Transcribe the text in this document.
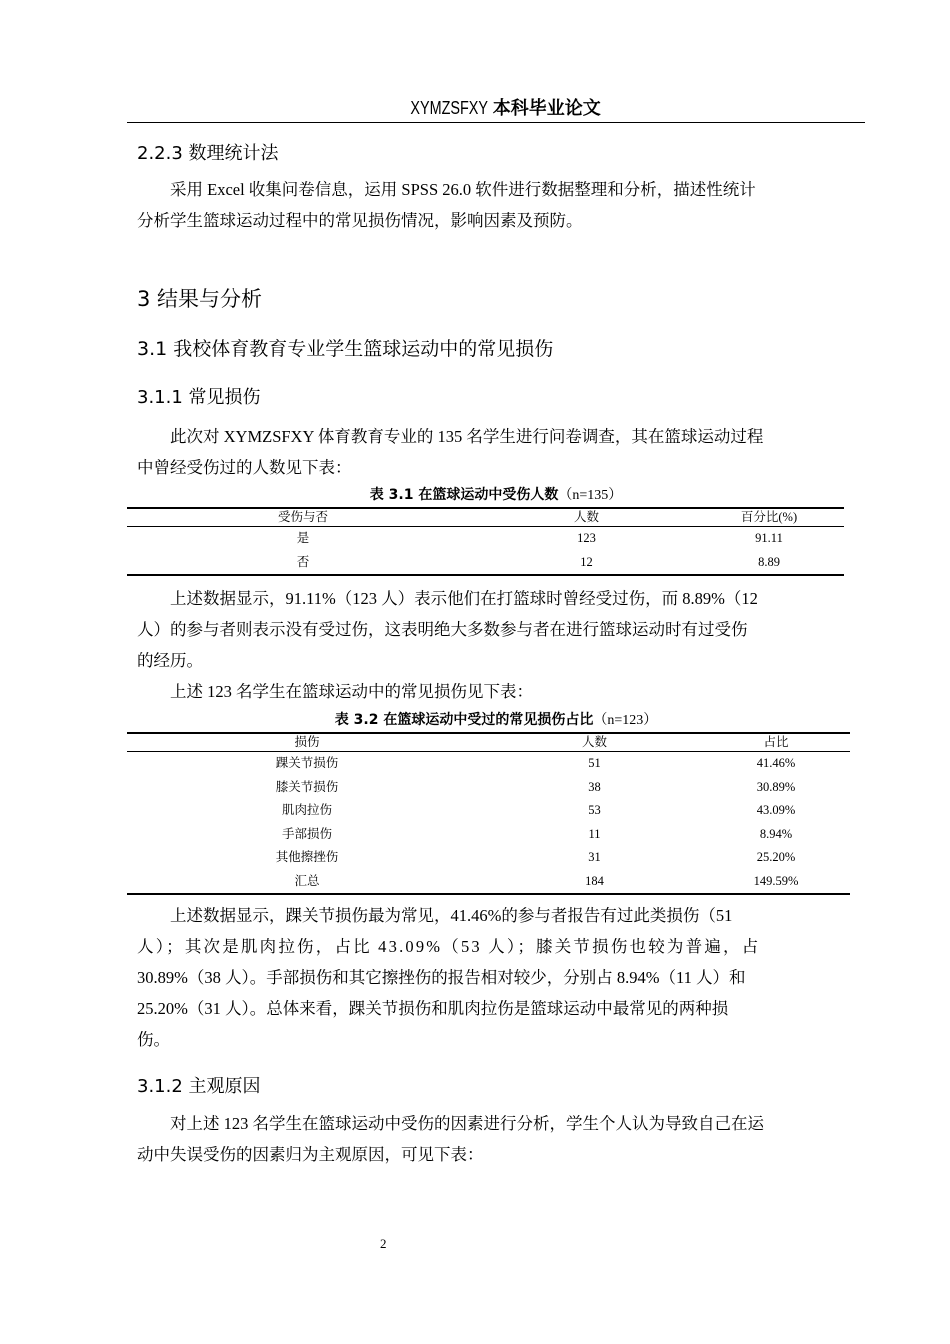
XYMZSFXY 本科毕业论文
2.2.3 数理统计法
采用 Excel 收集问卷信息，运用 SPSS 26.0 软件进行数据整理和分析，描述性统计
分析学生篮球运动过程中的常见损伤情况，影响因素及预防。
3 结果与分析
3.1 我校体育教育专业学生篮球运动中的常见损伤
3.1.1 常见损伤
此次对 XYMZSFXY 体育教育专业的 135 名学生进行问卷调查，其在篮球运动过程
中曾经受伤过的人数见下表：
表 3.1 在篮球运动中受伤人数（n=135）
受伤与否	人数	百分比(%)
是	123	91.11
否	12	8.89
上述数据显示，91.11%（123 人）表示他们在打篮球时曾经受过伤，而 8.89%（12
人）的参与者则表示没有受过伤，这表明绝大多数参与者在进行篮球运动时有过受伤
的经历。
上述 123 名学生在篮球运动中的常见损伤见下表：
表 3.2 在篮球运动中受过的常见损伤占比（n=123）
损伤	人数	占比
踝关节损伤	51	41.46%
膝关节损伤	38	30.89%
肌肉拉伤	53	43.09%
手部损伤	11	8.94%
其他擦挫伤	31	25.20%
汇总	184	149.59%
上述数据显示，踝关节损伤最为常见，41.46%的参与者报告有过此类损伤（51
人）；其次是肌肉拉伤，占比 43.09%（53 人）；膝关节损伤也较为普遍，占
30.89%（38 人）。手部损伤和其它擦挫伤的报告相对较少，分别占 8.94%（11 人）和
25.20%（31 人）。总体来看，踝关节损伤和肌肉拉伤是篮球运动中最常见的两种损
伤。
3.1.2 主观原因
对上述 123 名学生在篮球运动中受伤的因素进行分析，学生个人认为导致自己在运
动中失误受伤的因素归为主观原因，可见下表：
2
